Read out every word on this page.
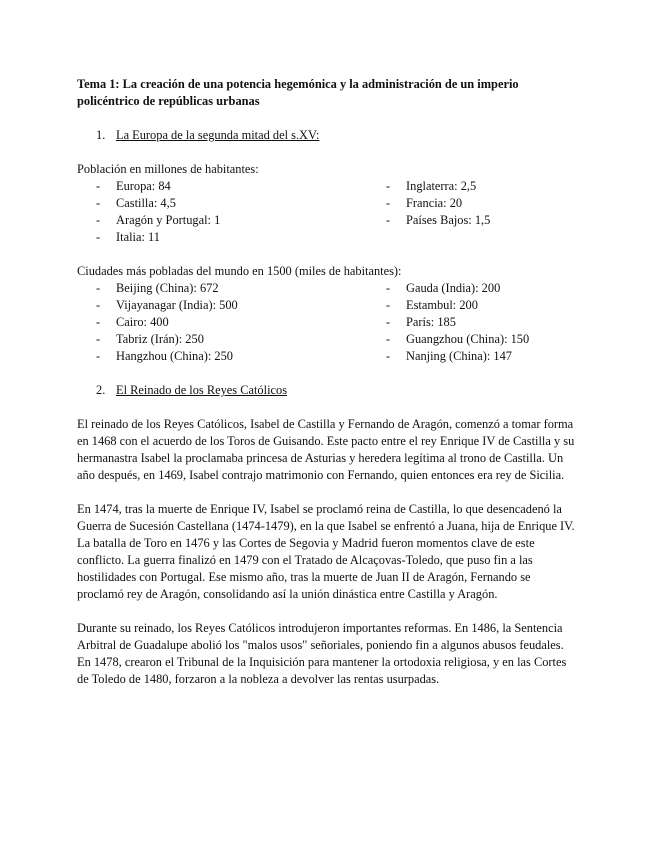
Tema 1: La creación de una potencia hegemónica y la administración de un imperio policéntrico de repúblicas urbanas

1. La Europa de la segunda mitad del s.XV:

Población en millones de habitantes:

-	Europa: 84
-	Castilla: 4,5
-	Aragón y Portugal: 1
-	Italia: 11
-	Inglaterra: 2,5
-	Francia: 20
-	Países Bajos: 1,5

Ciudades más pobladas del mundo en 1500 (miles de habitantes):

-	Beijing (China): 672
-	Vijayanagar (India): 500
-	Cairo: 400
-	Tabriz (Irán): 250
-	Hangzhou (China): 250
-	Gauda (India): 200
-	Estambul: 200
-	París: 185
-	Guangzhou (China): 150
-	Nanjing (China): 147
2. El Reinado de los Reyes Católicos

El reinado de los Reyes Católicos, Isabel de Castilla y Fernando de Aragón, comenzó a tomar forma en 1468 con el acuerdo de los Toros de Guisando. Este pacto entre el rey Enrique IV de Castilla y su hermanastra Isabel la proclamaba princesa de Asturias y heredera legítima al trono de Castilla. Un año después, en 1469, Isabel contrajo matrimonio con Fernando, quien entonces era rey de Sicilia.

En 1474, tras la muerte de Enrique IV, Isabel se proclamó reina de Castilla, lo que desencadenó la Guerra de Sucesión Castellana (1474-1479), en la que Isabel se enfrentó a Juana, hija de Enrique IV. La batalla de Toro en 1476 y las Cortes de Segovia y Madrid fueron momentos clave de este conflicto. La guerra finalizó en 1479 con el Tratado de Alcaçovas-Toledo, que puso fin a las hostilidades con Portugal. Ese mismo año, tras la muerte de Juan II de Aragón, Fernando se proclamó rey de Aragón, consolidando así la unión dinástica entre Castilla y Aragón.

Durante su reinado, los Reyes Católicos introdujeron importantes reformas. En 1486, la Sentencia Arbitral de Guadalupe abolió los "malos usos" señoriales, poniendo fin a algunos abusos feudales. En 1478, crearon el Tribunal de la Inquisición para mantener la ortodoxia religiosa, y en las Cortes de Toledo de 1480, forzaron a la nobleza a devolver las rentas usurpadas.
